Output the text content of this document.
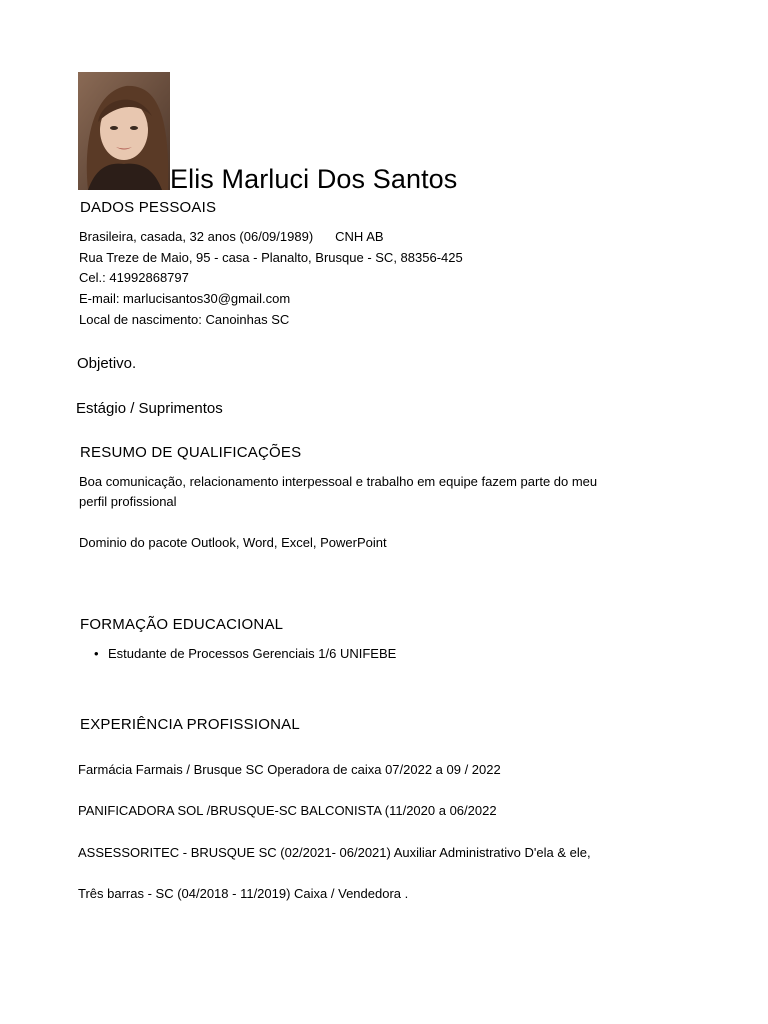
Elis Marluci Dos Santos
DADOS PESSOAIS
Brasileira, casada, 32 anos (06/09/1989) CNH AB
Rua Treze de Maio, 95 - casa - Planalto, Brusque - SC, 88356-425
Cel.: 41992868797
E-mail: marlucisantos30@gmail.com
Local de nascimento: Canoinhas SC
Objetivo.
Estágio / Suprimentos
RESUMO DE QUALIFICAÇÕES
Boa comunicação, relacionamento interpessoal e trabalho em equipe fazem parte do meu
perfil profissional
Dominio do pacote Outlook, Word, Excel, PowerPoint
FORMAÇÃO EDUCACIONAL
• Estudante de Processos Gerenciais 1/6 UNIFEBE
EXPERIÊNCIA PROFISSIONAL
Farmácia Farmais / Brusque SC Operadora de caixa 07/2022 a 09 / 2022
PANIFICADORA SOL /BRUSQUE-SC BALCONISTA (11/2020 a 06/2022
ASSESSORITEC - BRUSQUE SC (02/2021- 06/2021) Auxiliar Administrativo D'ela & ele,
Três barras - SC (04/2018 - 11/2019) Caixa / Vendedora .
